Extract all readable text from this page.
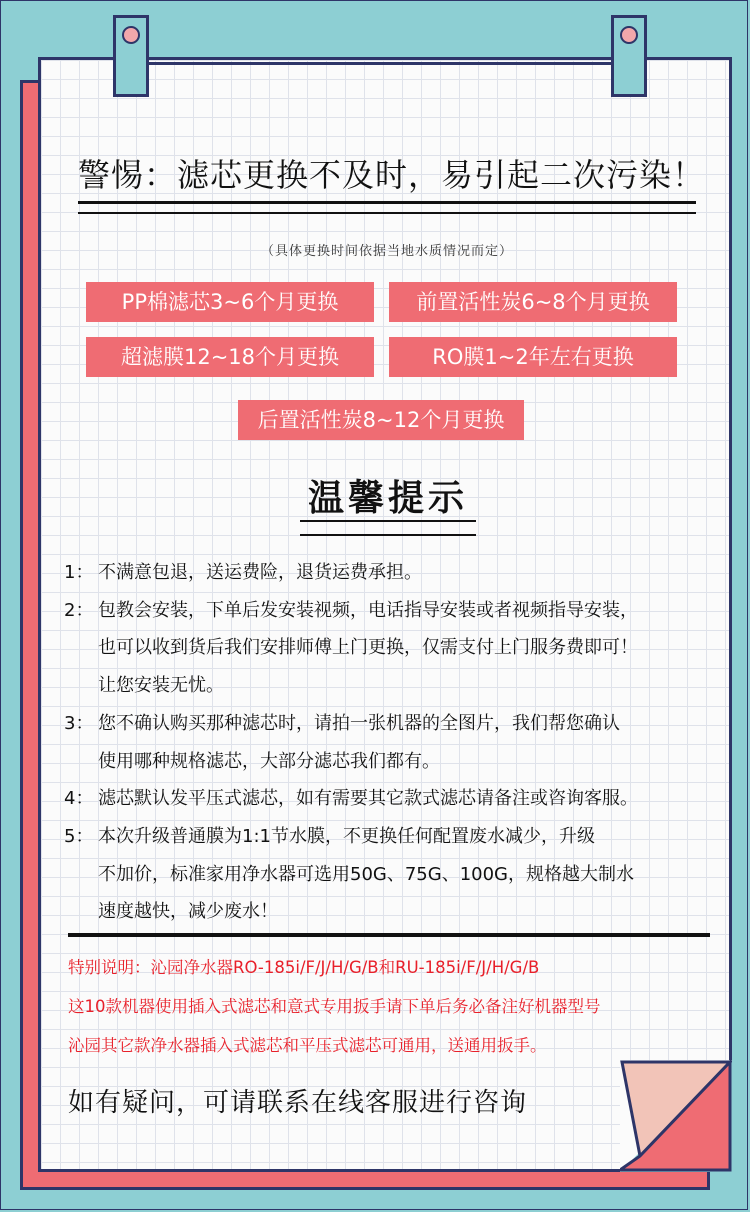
警惕：滤芯更换不及时，易引起二次污染！
（具体更换时间依据当地水质情况而定）
PP棉滤芯3~6个月更换	前置活性炭6~8个月更换
超滤膜12~18个月更换	RO膜1~2年左右更换
后置活性炭8~12个月更换
温馨提示
1： 不满意包退，送运费险，退货运费承担。
2： 包教会安装，下单后发安装视频，电话指导安装或者视频指导安装，
也可以收到货后我们安排师傅上门更换，仅需支付上门服务费即可！
让您安装无忧。
3： 您不确认购买那种滤芯时，请拍一张机器的全图片，我们帮您确认
使用哪种规格滤芯，大部分滤芯我们都有。
4： 滤芯默认发平压式滤芯，如有需要其它款式滤芯请备注或咨询客服。
5： 本次升级普通膜为1:1节水膜，不更换任何配置废水减少，升级
不加价，标准家用净水器可选用50G、75G、100G，规格越大制水
速度越快，减少废水！
特别说明：沁园净水器RO-185i/F/J/H/G/B和RU-185i/F/J/H/G/B
这10款机器使用插入式滤芯和意式专用扳手请下单后务必备注好机器型号
沁园其它款净水器插入式滤芯和平压式滤芯可通用，送通用扳手。
如有疑问，可请联系在线客服进行咨询
